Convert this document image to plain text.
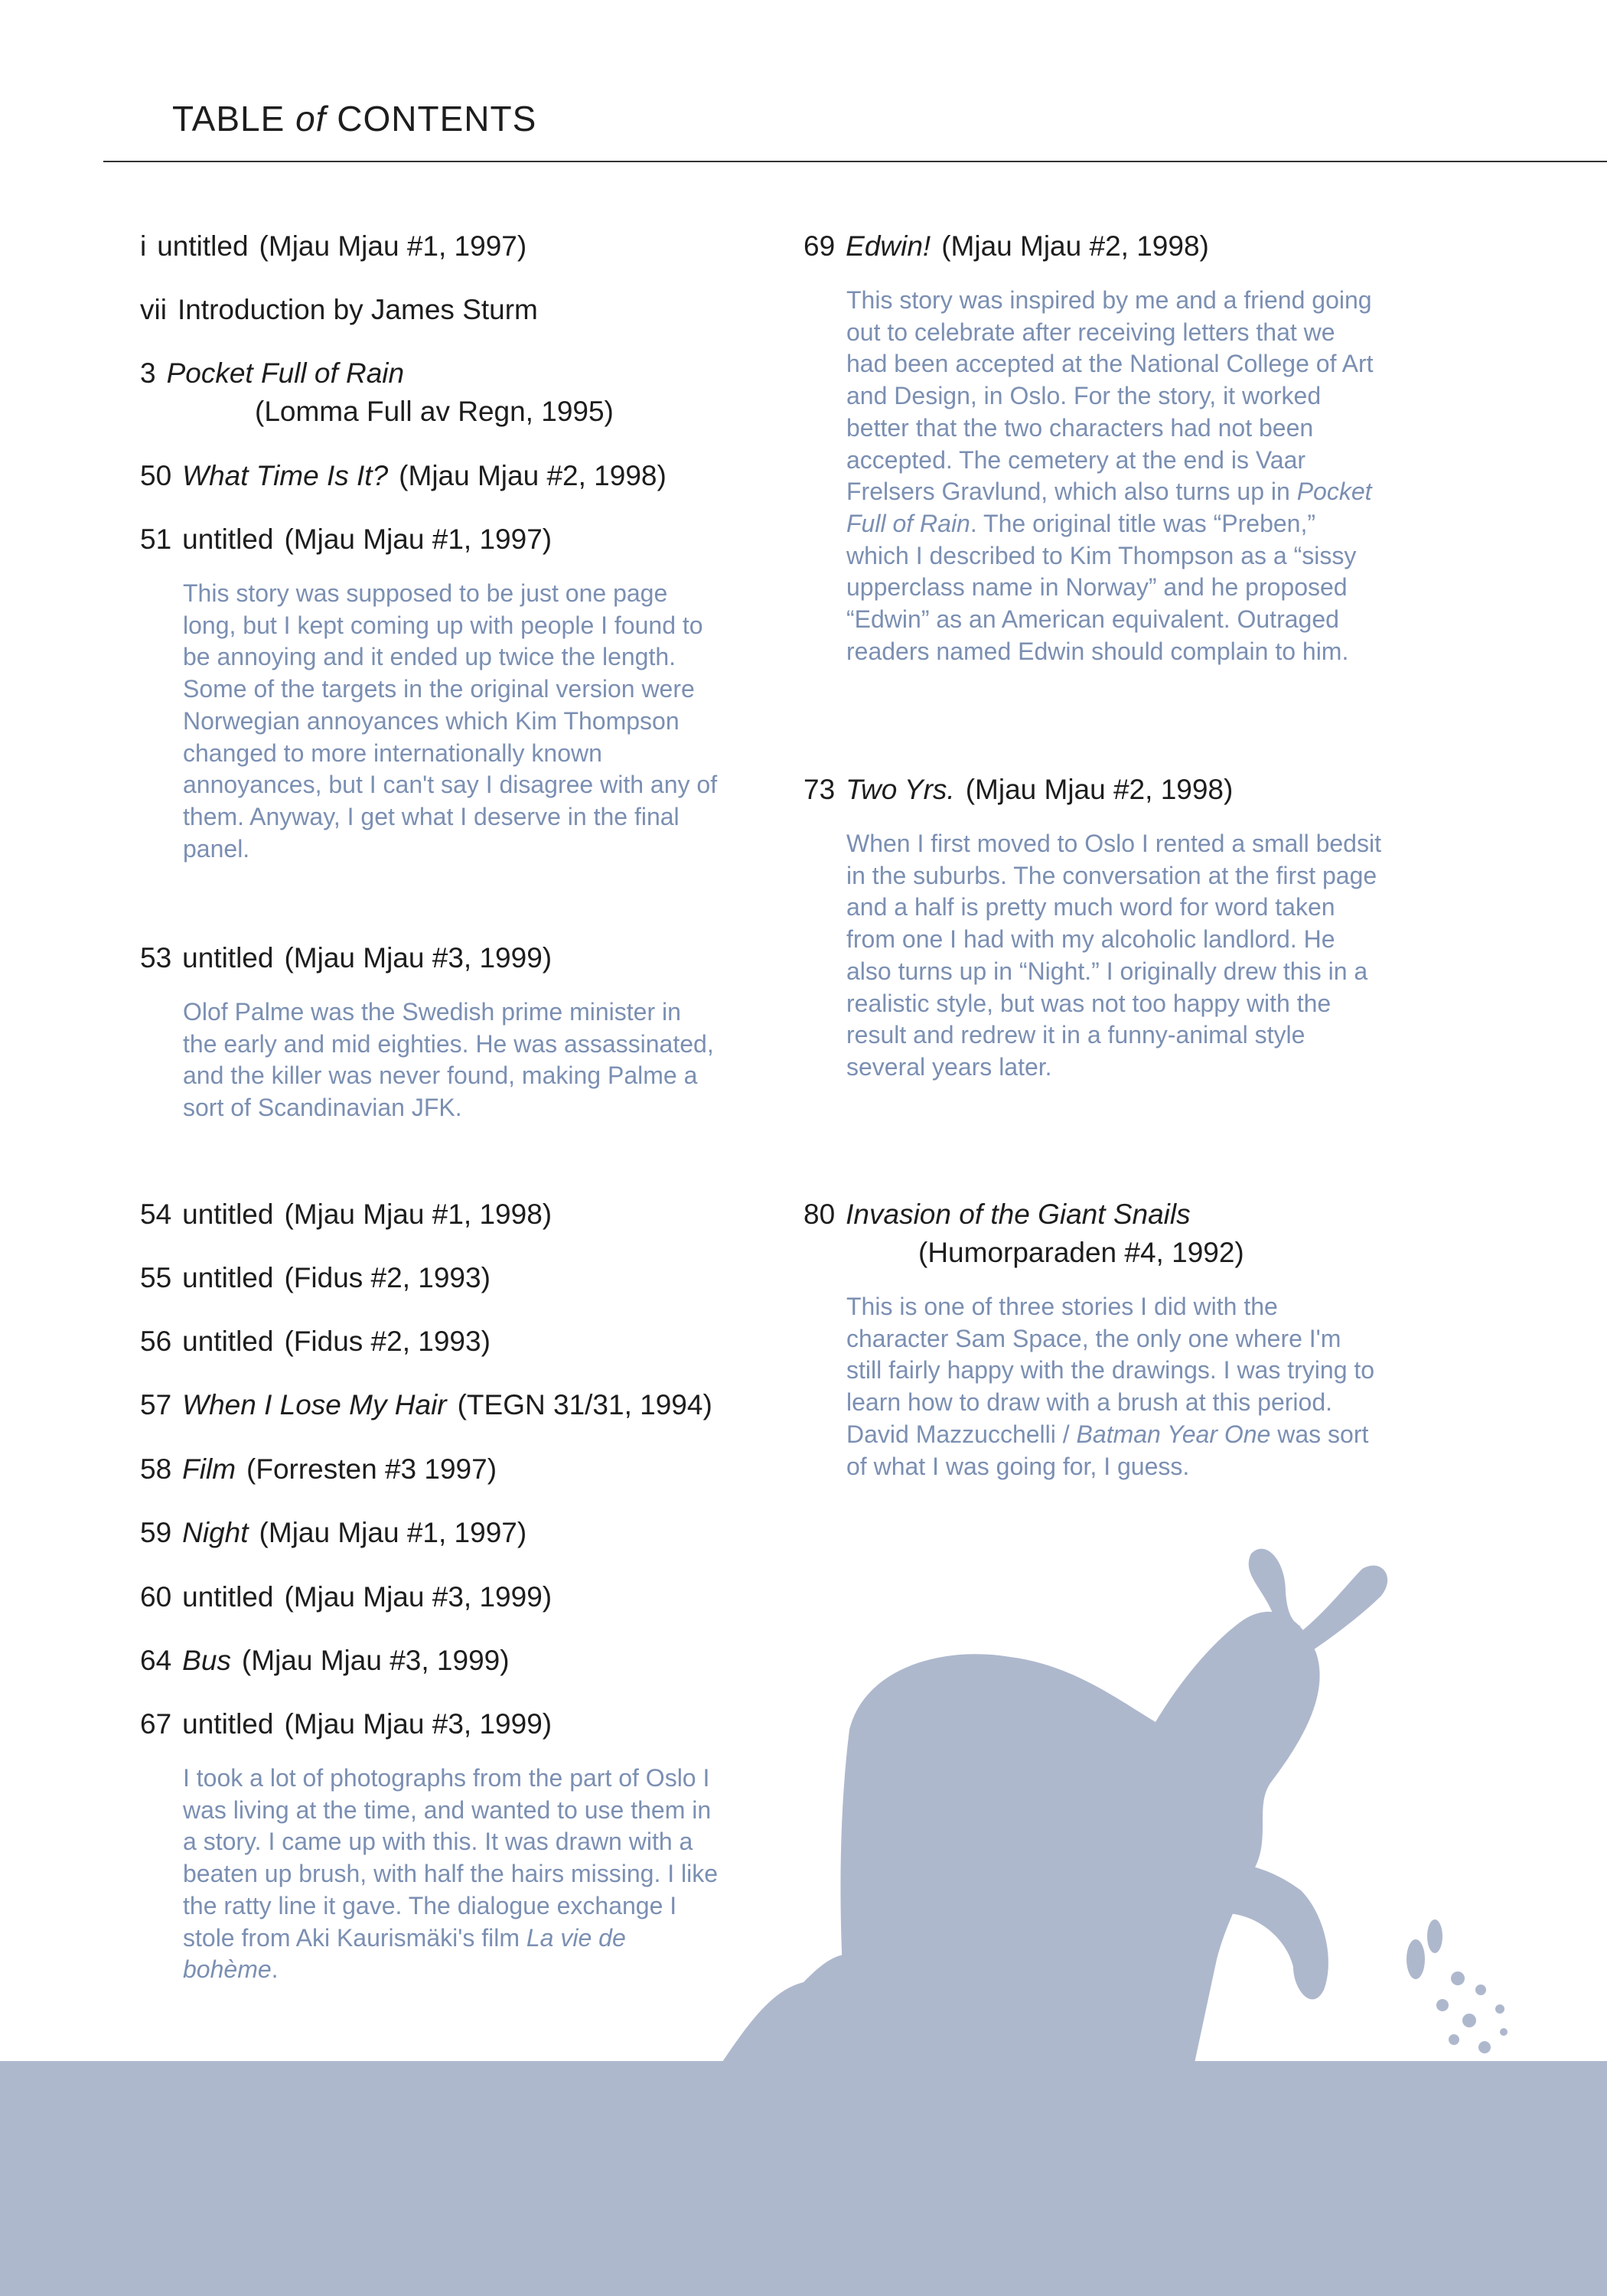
TABLE of CONTENTS
i untitled (Mjau Mjau #1, 1997)
vii Introduction by James Sturm
3 Pocket Full of Rain
(Lomma Full av Regn, 1995)
50 What Time Is It? (Mjau Mjau #2, 1998)
51 untitled (Mjau Mjau #1, 1997)
This story was supposed to be just one page long, but I kept coming up with people I found to be annoying and it ended up twice the length. Some of the targets in the original version were Norwegian annoyances which Kim Thompson changed to more internationally known annoyances, but I can't say I disagree with any of them. Anyway, I get what I deserve in the final panel.
53 untitled (Mjau Mjau #3, 1999)
Olof Palme was the Swedish prime minister in the early and mid eighties. He was assassinated, and the killer was never found, making Palme a sort of Scandinavian JFK.
54 untitled (Mjau Mjau #1, 1998)
55 untitled (Fidus #2, 1993)
56 untitled (Fidus #2, 1993)
57 When I Lose My Hair (TEGN 31/31, 1994)
58 Film (Forresten #3 1997)
59 Night (Mjau Mjau #1, 1997)
60 untitled (Mjau Mjau #3, 1999)
64 Bus (Mjau Mjau #3, 1999)
67 untitled (Mjau Mjau #3, 1999)
I took a lot of photographs from the part of Oslo I was living at the time, and wanted to use them in a story. I came up with this. It was drawn with a beaten up brush, with half the hairs missing. I like the ratty line it gave. The dialogue exchange I stole from Aki Kaurismäki's film La vie de bohème.
69 Edwin! (Mjau Mjau #2, 1998)
This story was inspired by me and a friend going out to celebrate after receiving letters that we had been accepted at the National College of Art and Design, in Oslo. For the story, it worked better that the two characters had not been accepted. The cemetery at the end is Vaar Frelsers Gravlund, which also turns up in Pocket Full of Rain. The original title was “Preben,” which I described to Kim Thompson as a “sissy upperclass name in Norway” and he proposed “Edwin” as an American equivalent. Outraged readers named Edwin should complain to him.
73 Two Yrs. (Mjau Mjau #2, 1998)
When I first moved to Oslo I rented a small bedsit in the suburbs. The conversation at the first page and a half is pretty much word for word taken from one I had with my alcoholic landlord. He also turns up in “Night.” I originally drew this in a realistic style, but was not too happy with the result and redrew it in a funny-animal style several years later.
80 Invasion of the Giant Snails
(Humorparaden #4, 1992)
This is one of three stories I did with the character Sam Space, the only one where I'm still fairly happy with the drawings. I was trying to learn how to draw with a brush at this period. David Mazzucchelli / Batman Year One was sort of what I was going for, I guess.
